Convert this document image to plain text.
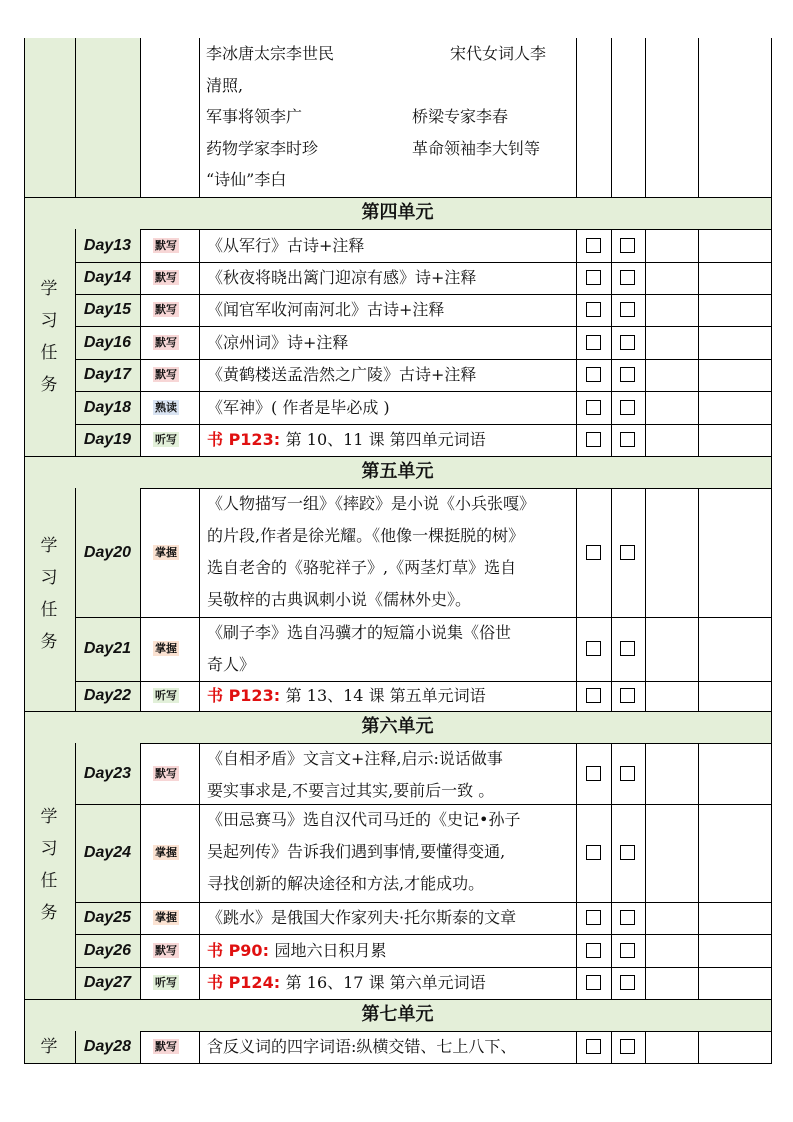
李冰唐太宗李世民	宋代女词人李
清照,
军事将领李广	桥梁专家李春
药物学家李时珍	革命领袖李大钊等
“诗仙”李白
第四单元
学
习
任
务
Day13	默写 《从军行》古诗+注释
Day14	默写 《秋夜将晓出篱门迎凉有感》诗+注释
Day15	默写 《闻官军收河南河北》古诗+注释
Day16	默写 《凉州词》诗+注释
Day17	默写 《黄鹤楼送孟浩然之广陵》古诗+注释
Day18	熟读 《军神》( 作者是毕必成 )
Day19	听写 书 P123: 第 10、11 课 第四单元词语
第五单元
学
习
任
务
Day20	掌握
《人物描写一组》《摔跤》是小说《小兵张嘎》
的片段,作者是徐光耀。《他像一棵挺脱的树》
选自老舍的《骆驼祥子》,《两茎灯草》选自
吴敬梓的古典讽刺小说《儒林外史》。
Day21	掌握
《刷子李》选自冯骥才的短篇小说集《俗世
奇人》
Day22	听写 书 P123: 第 13、14 课 第五单元词语
第六单元
学
习
任
务
Day23	默写
《自相矛盾》文言文+注释,启示:说话做事
要实事求是,不要言过其实,要前后一致 。
Day24	掌握
《田忌赛马》选自汉代司马迁的《史记•孙子
吴起列传》告诉我们遇到事情,要懂得变通,
寻找创新的解决途径和方法,才能成功。
Day25	掌握 《跳水》是俄国大作家列夫·托尔斯泰的文章
Day26	默写 书 P90: 园地六日积月累
Day27	听写 书 P124: 第 16、17 课 第六单元词语
第七单元
学	Day28	默写 含反义词的四字词语:纵横交错、七上八下、
